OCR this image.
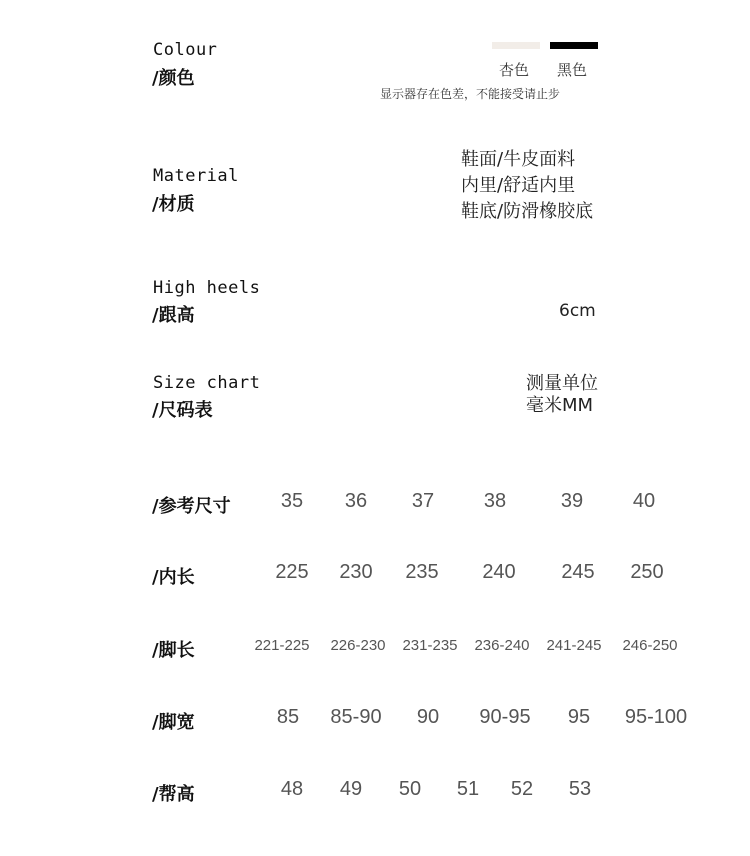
Colour
/颜色	杏色 黑色
显示器存在色差，不能接受请止步
Material
/材质
鞋面/牛皮面料
内里/舒适内里
鞋底/防滑橡胶底
High heels
/跟高	6cm
Size chart
/尺码表
测量单位
毫米MM
/参考尺寸	35 36 37 38	39 40
/内长	225 230 235 240 245 250
/脚长	221-225 226-230 231-235 236-240 241-245 246-250
/脚宽	85 85-90 90 90-95 95 95-100
/帮高	48 49 50 51 52 53
